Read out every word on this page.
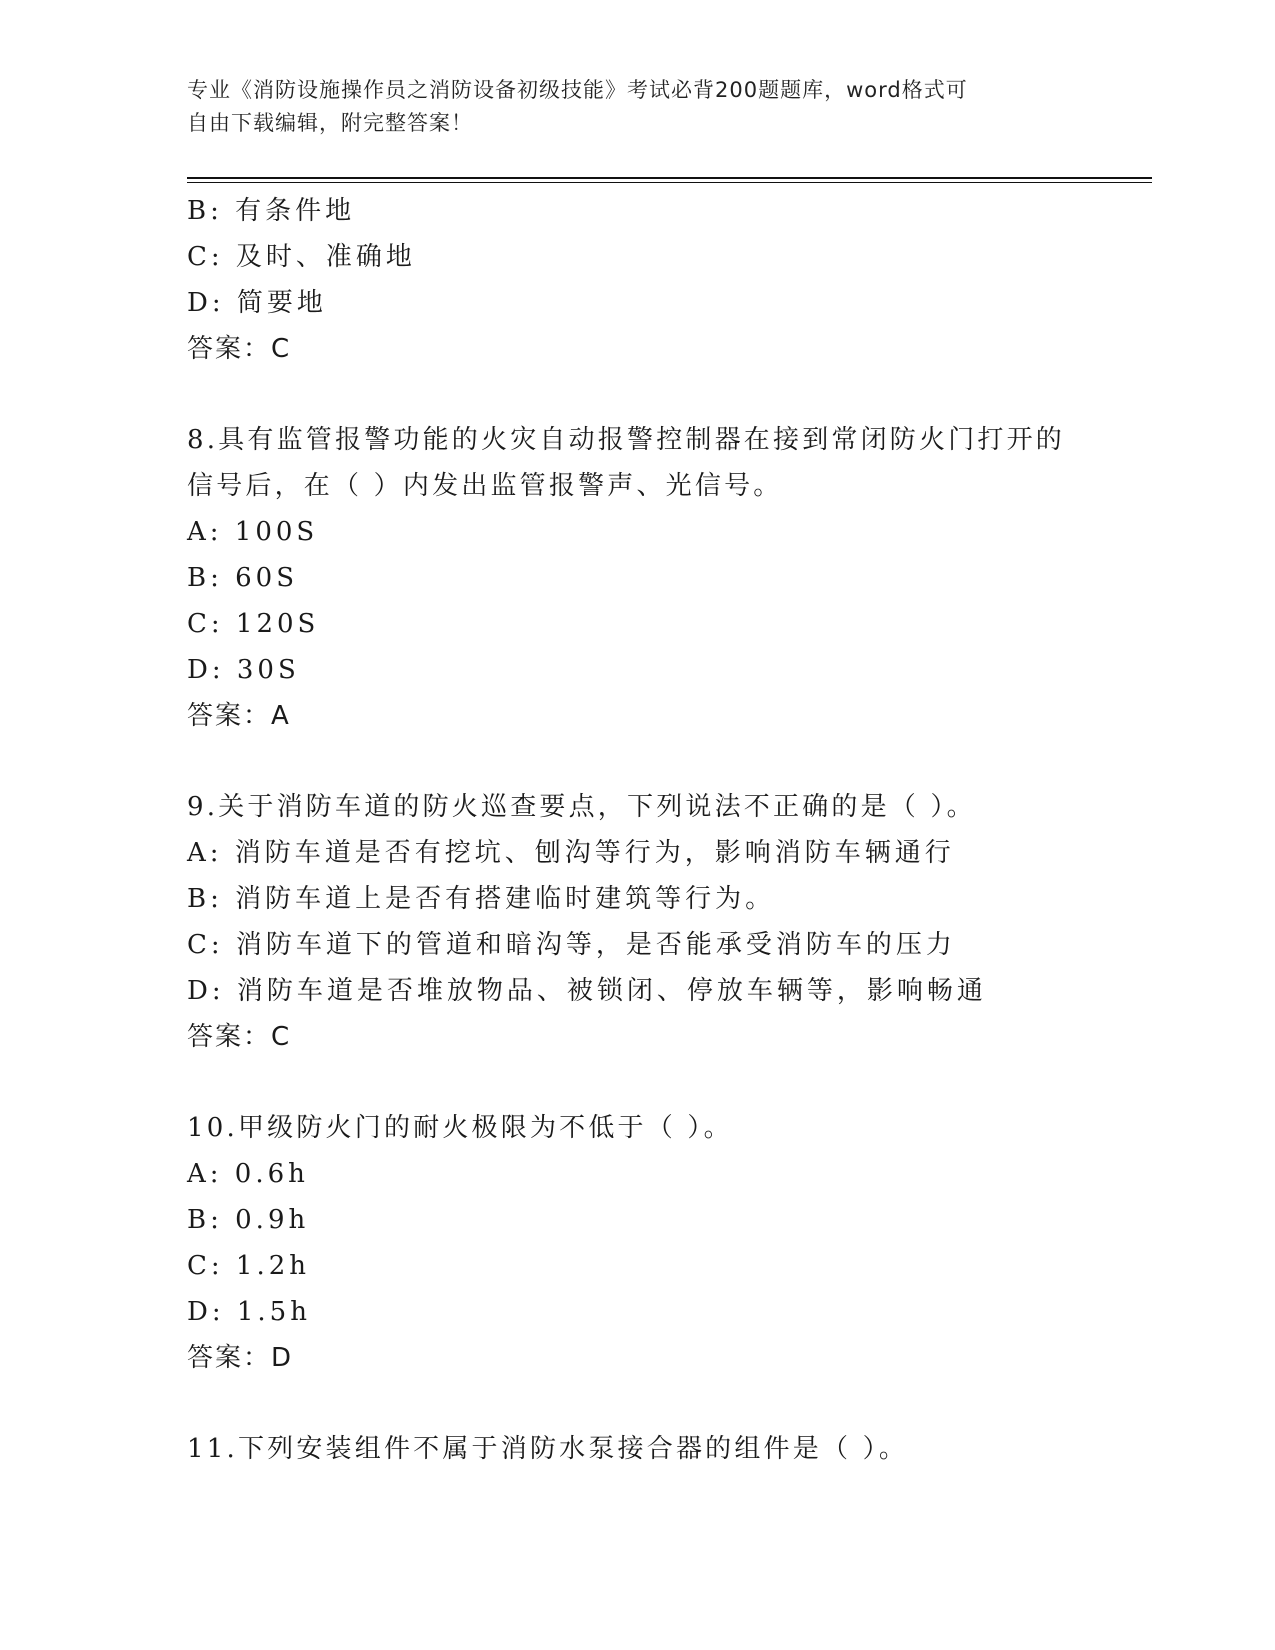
专业《消防设施操作员之消防设备初级技能》考试必背200题题库，word格式可
自由下载编辑，附完整答案！
B: 有条件地
C: 及时、准确地
D: 简要地
答案：C
8.具有监管报警功能的火灾自动报警控制器在接到常闭防火门打开的
信号后，在（ ）内发出监管报警声、光信号。
A: 100S
B: 60S
C: 120S
D: 30S
答案：A
9.关于消防车道的防火巡查要点，下列说法不正确的是（ ）。
A: 消防车道是否有挖坑、刨沟等行为，影响消防车辆通行
B: 消防车道上是否有搭建临时建筑等行为。
C: 消防车道下的管道和暗沟等，是否能承受消防车的压力
D: 消防车道是否堆放物品、被锁闭、停放车辆等，影响畅通
答案：C
10.甲级防火门的耐火极限为不低于（ ）。
A: 0.6h
B: 0.9h
C: 1.2h
D: 1.5h
答案：D
11.下列安装组件不属于消防水泵接合器的组件是（ ）。
